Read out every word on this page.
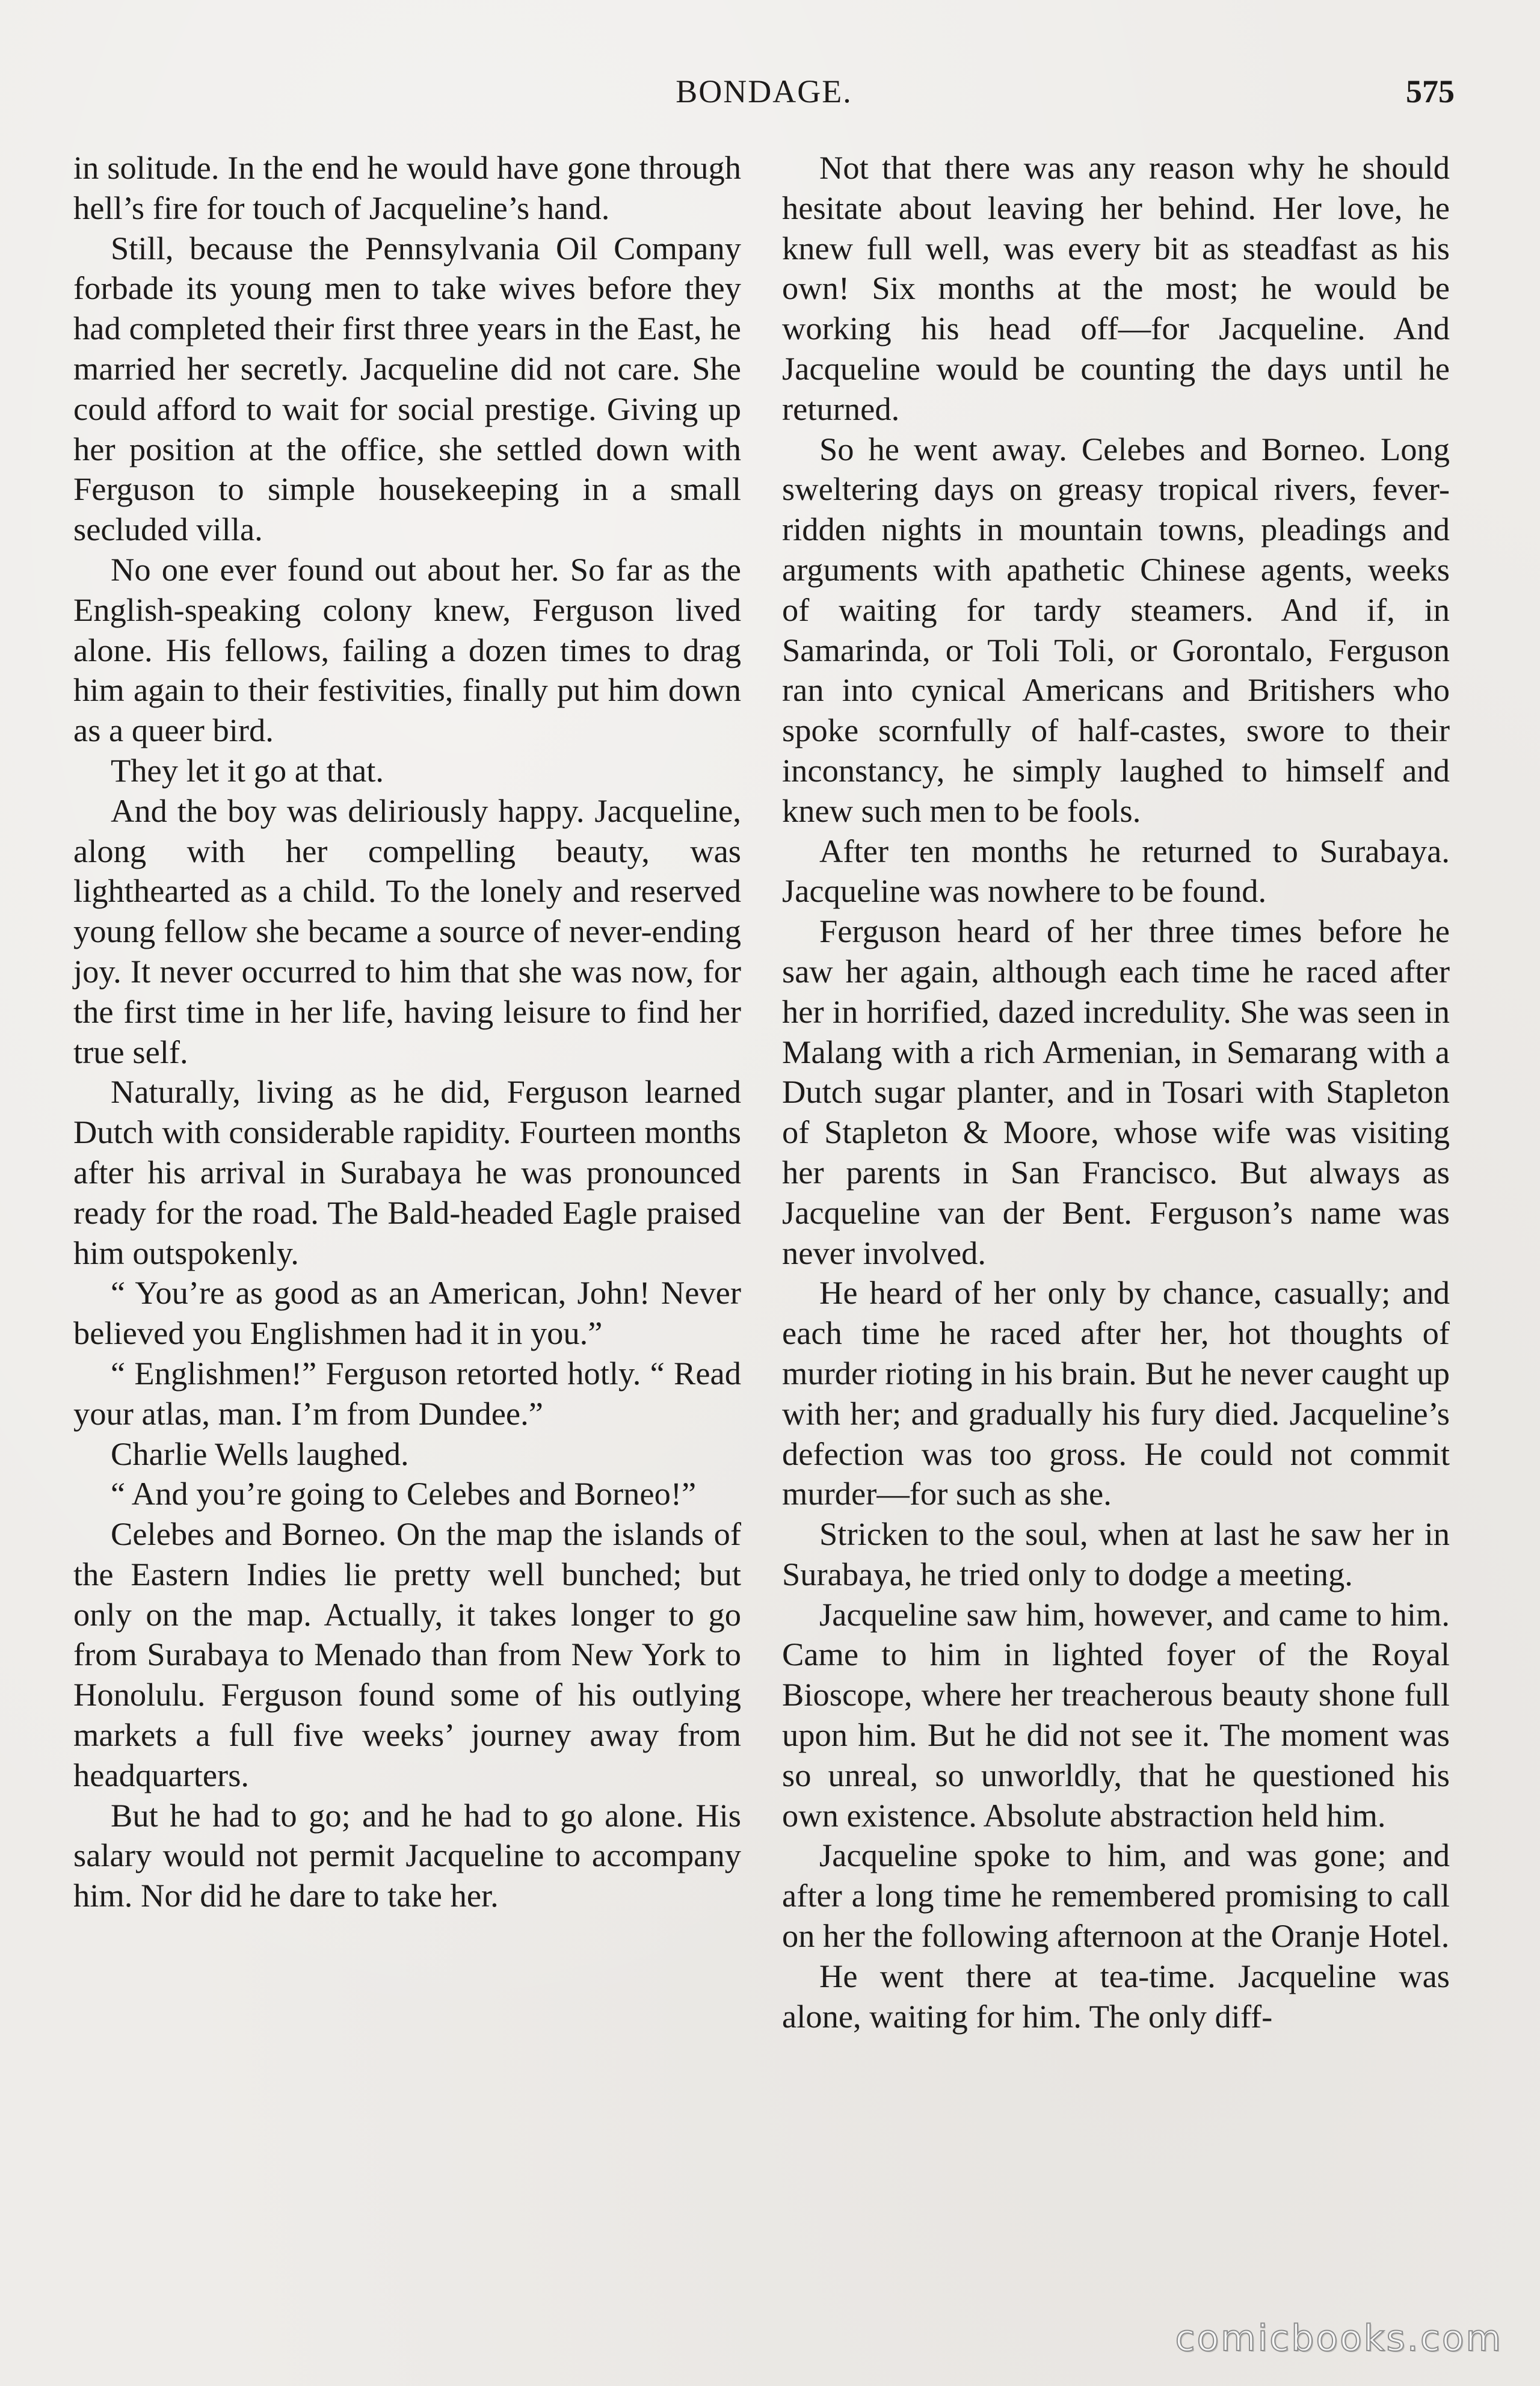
BONDAGE.	575

in solitude. In the end he would have gone through hell’s fire for touch of Jacqueline’s hand.

Still, because the Pennsylvania Oil Company forbade its young men to take wives before they had completed their first three years in the East, he married her secretly. Jacqueline did not care. She could afford to wait for social prestige. Giving up her position at the office, she settled down with Ferguson to simple housekeeping in a small secluded villa.

No one ever found out about her. So far as the English-speaking colony knew, Ferguson lived alone. His fellows, failing a dozen times to drag him again to their festivities, finally put him down as a queer bird.

They let it go at that.

And the boy was deliriously happy. Jacqueline, along with her compelling beauty, was lighthearted as a child. To the lonely and reserved young fellow she became a source of never-ending joy. It never occurred to him that she was now, for the first time in her life, having leisure to find her true self.

Naturally, living as he did, Ferguson learned Dutch with considerable rapidity. Fourteen months after his arrival in Surabaya he was pronounced ready for the road. The Bald-headed Eagle praised him outspokenly.

“ You’re as good as an American, John! Never believed you Englishmen had it in you.”

“ Englishmen!” Ferguson retorted hotly. “ Read your atlas, man. I’m from Dundee.”

Charlie Wells laughed.

“ And you’re going to Celebes and Borneo!”

Celebes and Borneo. On the map the islands of the Eastern Indies lie pretty well bunched; but only on the map. Actually, it takes longer to go from Surabaya to Menado than from New York to Honolulu. Ferguson found some of his outlying markets a full five weeks’ journey away from headquarters.

But he had to go; and he had to go alone. His salary would not permit Jacqueline to accompany him. Nor did he dare to take her.

Not that there was any reason why he should hesitate about leaving her behind. Her love, he knew full well, was every bit as steadfast as his own! Six months at the most; he would be working his head off—for Jacqueline. And Jacqueline would be counting the days until he returned.

So he went away. Celebes and Borneo. Long sweltering days on greasy tropical rivers, fever-ridden nights in mountain towns, pleadings and arguments with apathetic Chinese agents, weeks of waiting for tardy steamers. And if, in Samarinda, or Toli Toli, or Gorontalo, Ferguson ran into cynical Americans and Britishers who spoke scornfully of half-castes, swore to their inconstancy, he simply laughed to himself and knew such men to be fools.

After ten months he returned to Surabaya. Jacqueline was nowhere to be found.

Ferguson heard of her three times before he saw her again, although each time he raced after her in horrified, dazed incredulity. She was seen in Malang with a rich Armenian, in Semarang with a Dutch sugar planter, and in Tosari with Stapleton of Stapleton & Moore, whose wife was visiting her parents in San Francisco. But always as Jacqueline van der Bent. Ferguson’s name was never involved.

He heard of her only by chance, casually; and each time he raced after her, hot thoughts of murder rioting in his brain. But he never caught up with her; and gradually his fury died. Jacqueline’s defection was too gross. He could not commit murder—for such as she.

Stricken to the soul, when at last he saw her in Surabaya, he tried only to dodge a meeting.

Jacqueline saw him, however, and came to him. Came to him in lighted foyer of the Royal Bioscope, where her treacherous beauty shone full upon him. But he did not see it. The moment was so unreal, so unworldly, that he questioned his own existence. Absolute abstraction held him.

Jacqueline spoke to him, and was gone; and after a long time he remembered promising to call on her the following afternoon at the Oranje Hotel.

He went there at tea-time. Jacqueline was alone, waiting for him. The only diff-

comicbooks.com
